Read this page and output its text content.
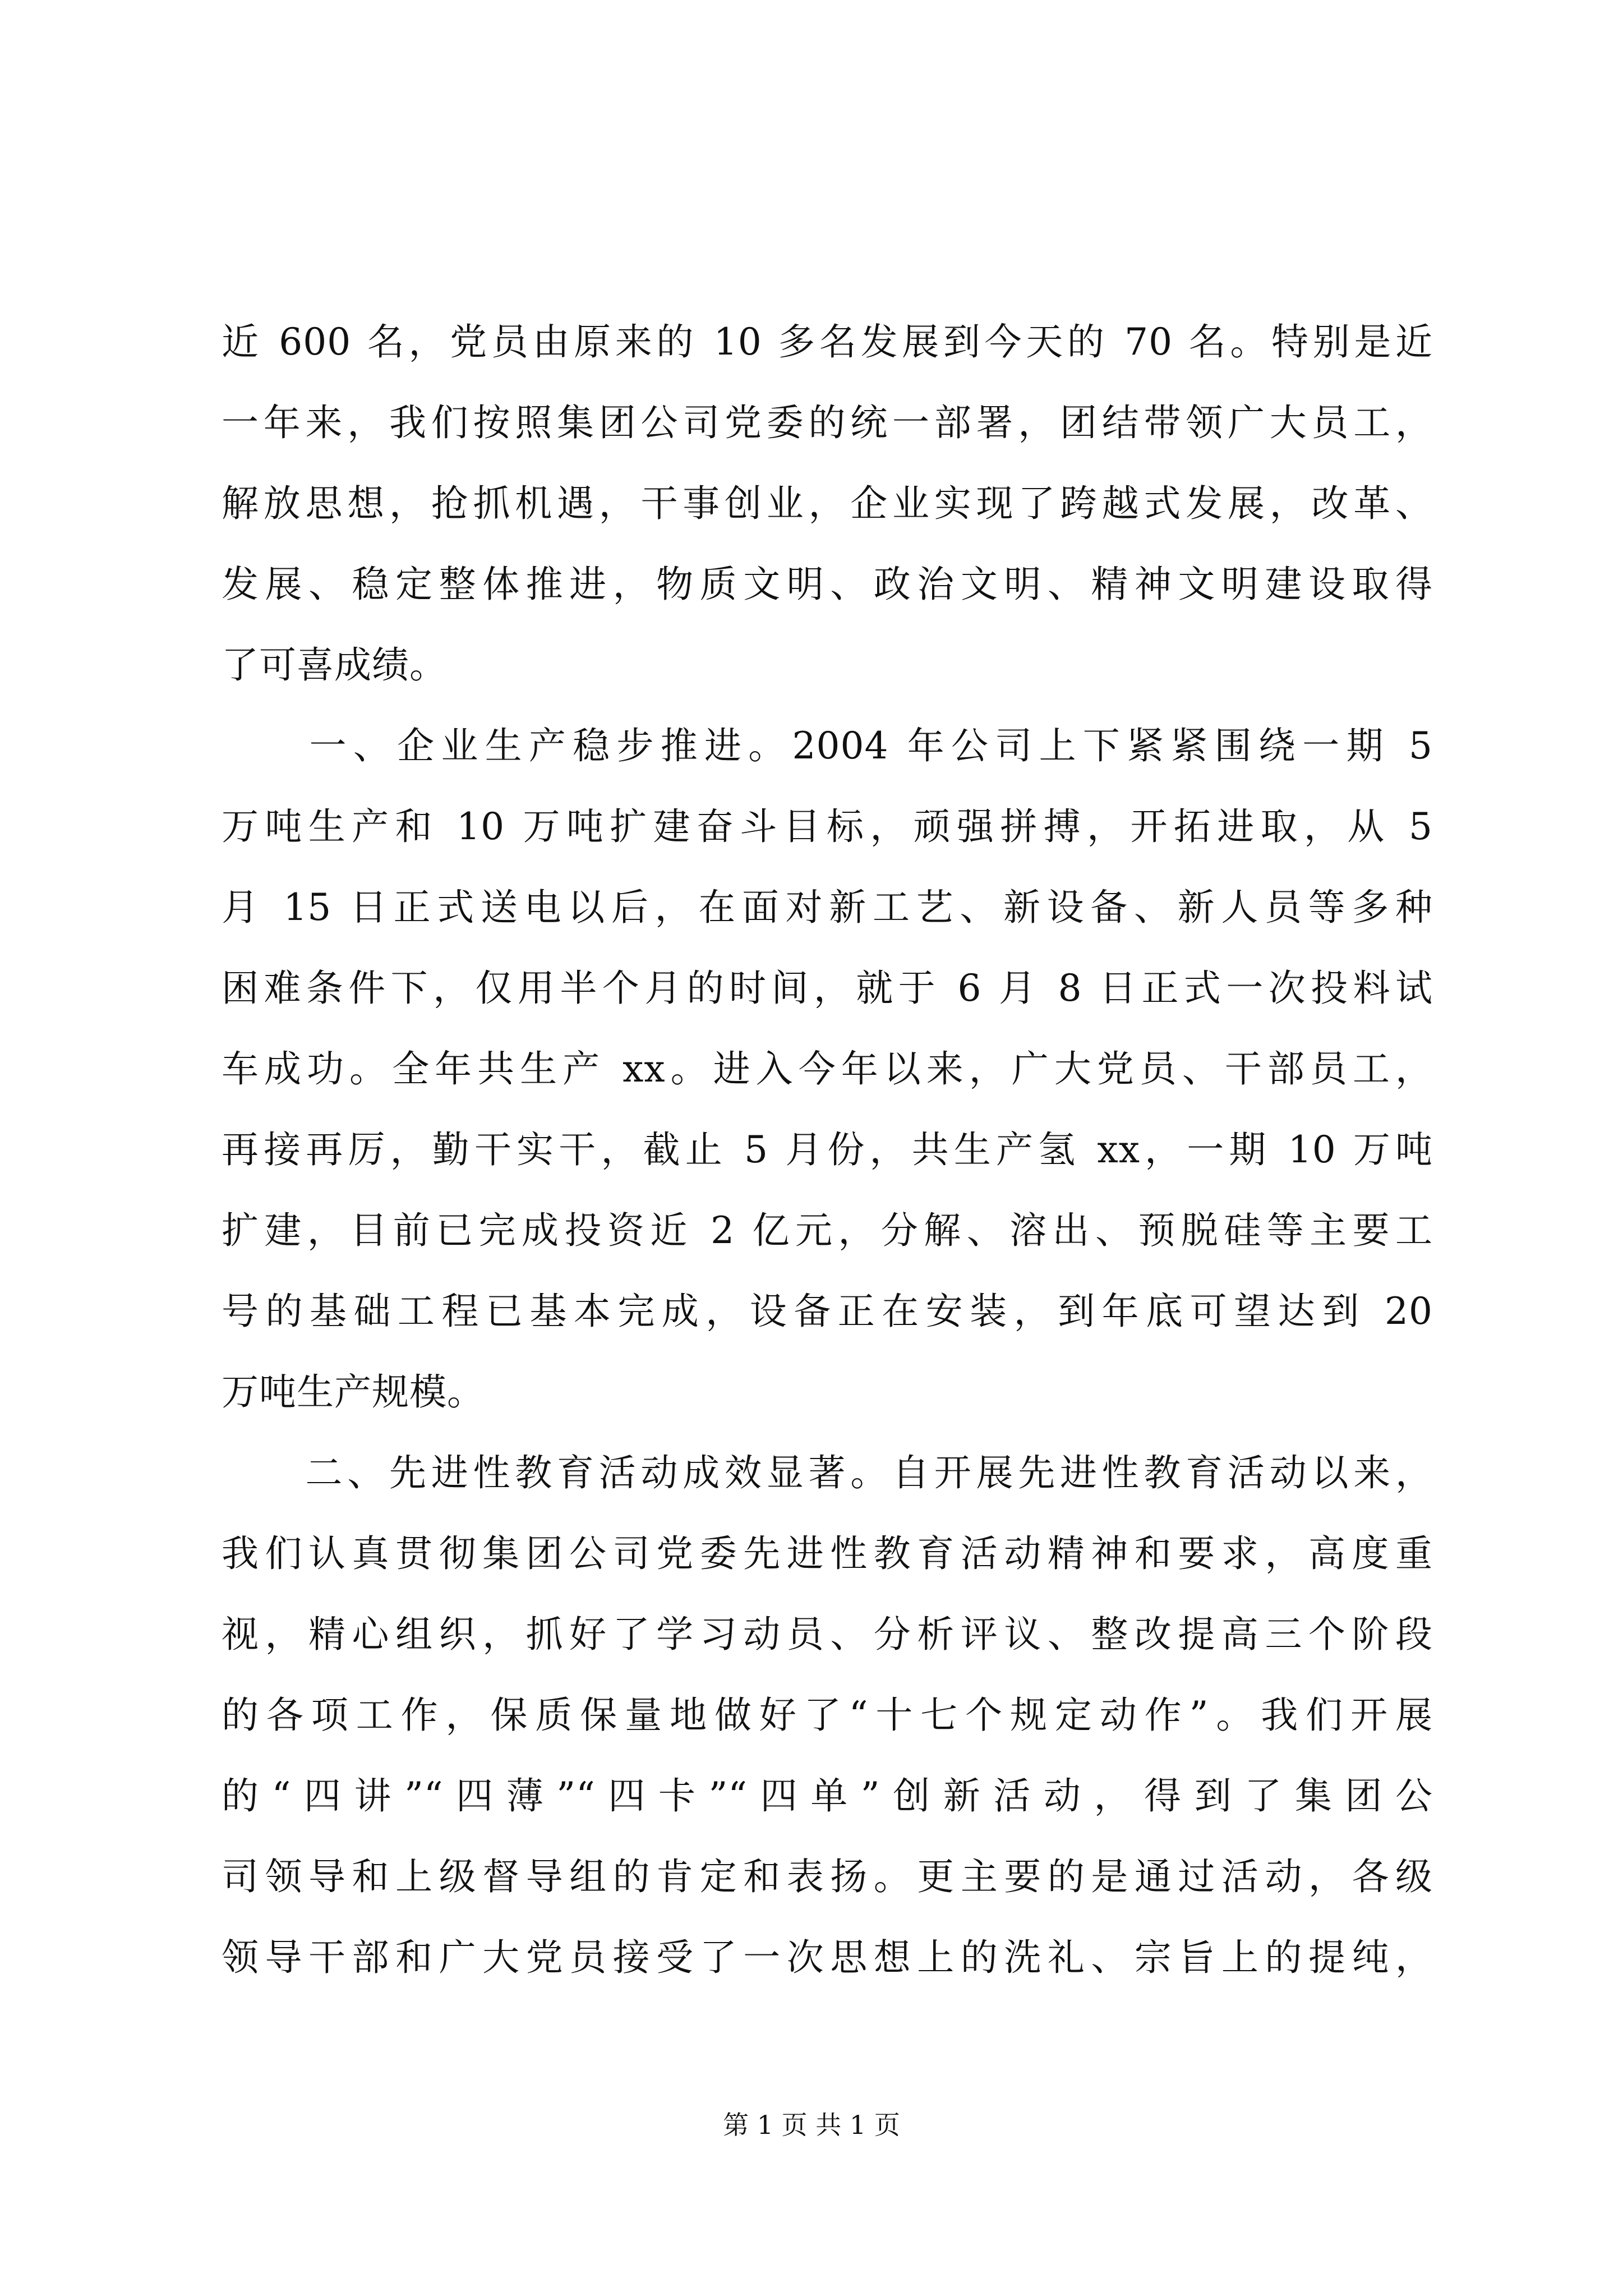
近 600 名，党员由原来的 10 多名发展到今天的 70 名。特别是近
一年来，我们按照集团公司党委的统一部署，团结带领广大员工，
解放思想，抢抓机遇，干事创业，企业实现了跨越式发展，改革、
发展、稳定整体推进，物质文明、政治文明、精神文明建设取得
了可喜成绩。
　　一、企业生产稳步推进。2004 年公司上下紧紧围绕一期 5
万吨生产和 10 万吨扩建奋斗目标，顽强拼搏，开拓进取，从 5
月 15 日正式送电以后，在面对新工艺、新设备、新人员等多种
困难条件下，仅用半个月的时间，就于 6 月 8 日正式一次投料试
车成功。全年共生产 xx。进入今年以来，广大党员、干部员工，
再接再厉，勤干实干，截止 5 月份，共生产氢 xx，一期 10 万吨
扩建，目前已完成投资近 2 亿元，分解、溶出、预脱硅等主要工
号的基础工程已基本完成，设备正在安装，到年底可望达到 20
万吨生产规模。
　　二、先进性教育活动成效显著。自开展先进性教育活动以来，
我们认真贯彻集团公司党委先进性教育活动精神和要求，高度重
视，精心组织，抓好了学习动员、分析评议、整改提高三个阶段
的各项工作，保质保量地做好了“十七个规定动作”。我们开展
的“四讲”“四薄”“四卡”“四单”创新活动，得到了集团公
司领导和上级督导组的肯定和表扬。更主要的是通过活动，各级
领导干部和广大党员接受了一次思想上的洗礼、宗旨上的提纯，
第 1 页 共 1 页
